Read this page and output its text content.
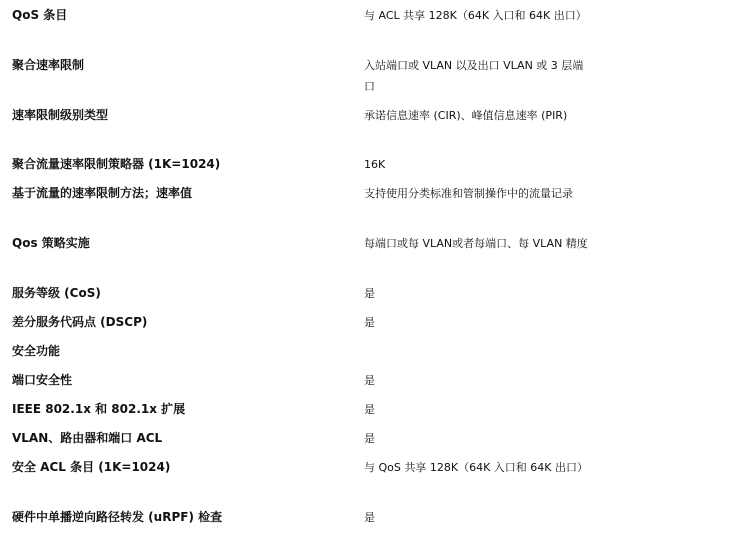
QoS 条目	与 ACL 共享 128K（64K 入口和 64K 出口）
聚合速率限制	入站端口或 VLAN 以及出口 VLAN 或 3 层端口
速率限制级别类型	承诺信息速率 (CIR)、峰值信息速率 (PIR)
聚合流量速率限制策略器 (1K=1024)	16K
基于流量的速率限制方法；速率值	支持使用分类标准和管制操作中的流量记录
Qos 策略实施	每端口或每 VLAN或者每端口、每 VLAN 精度
服务等级 (CoS)	是
差分服务代码点 (DSCP)	是
安全功能
端口安全性	是
IEEE 802.1x 和 802.1x 扩展	是
VLAN、路由器和端口 ACL	是
安全 ACL 条目 (1K=1024)	与 QoS 共享 128K（64K 入口和 64K 出口）
硬件中单播逆向路径转发 (uRPF) 检查	是
